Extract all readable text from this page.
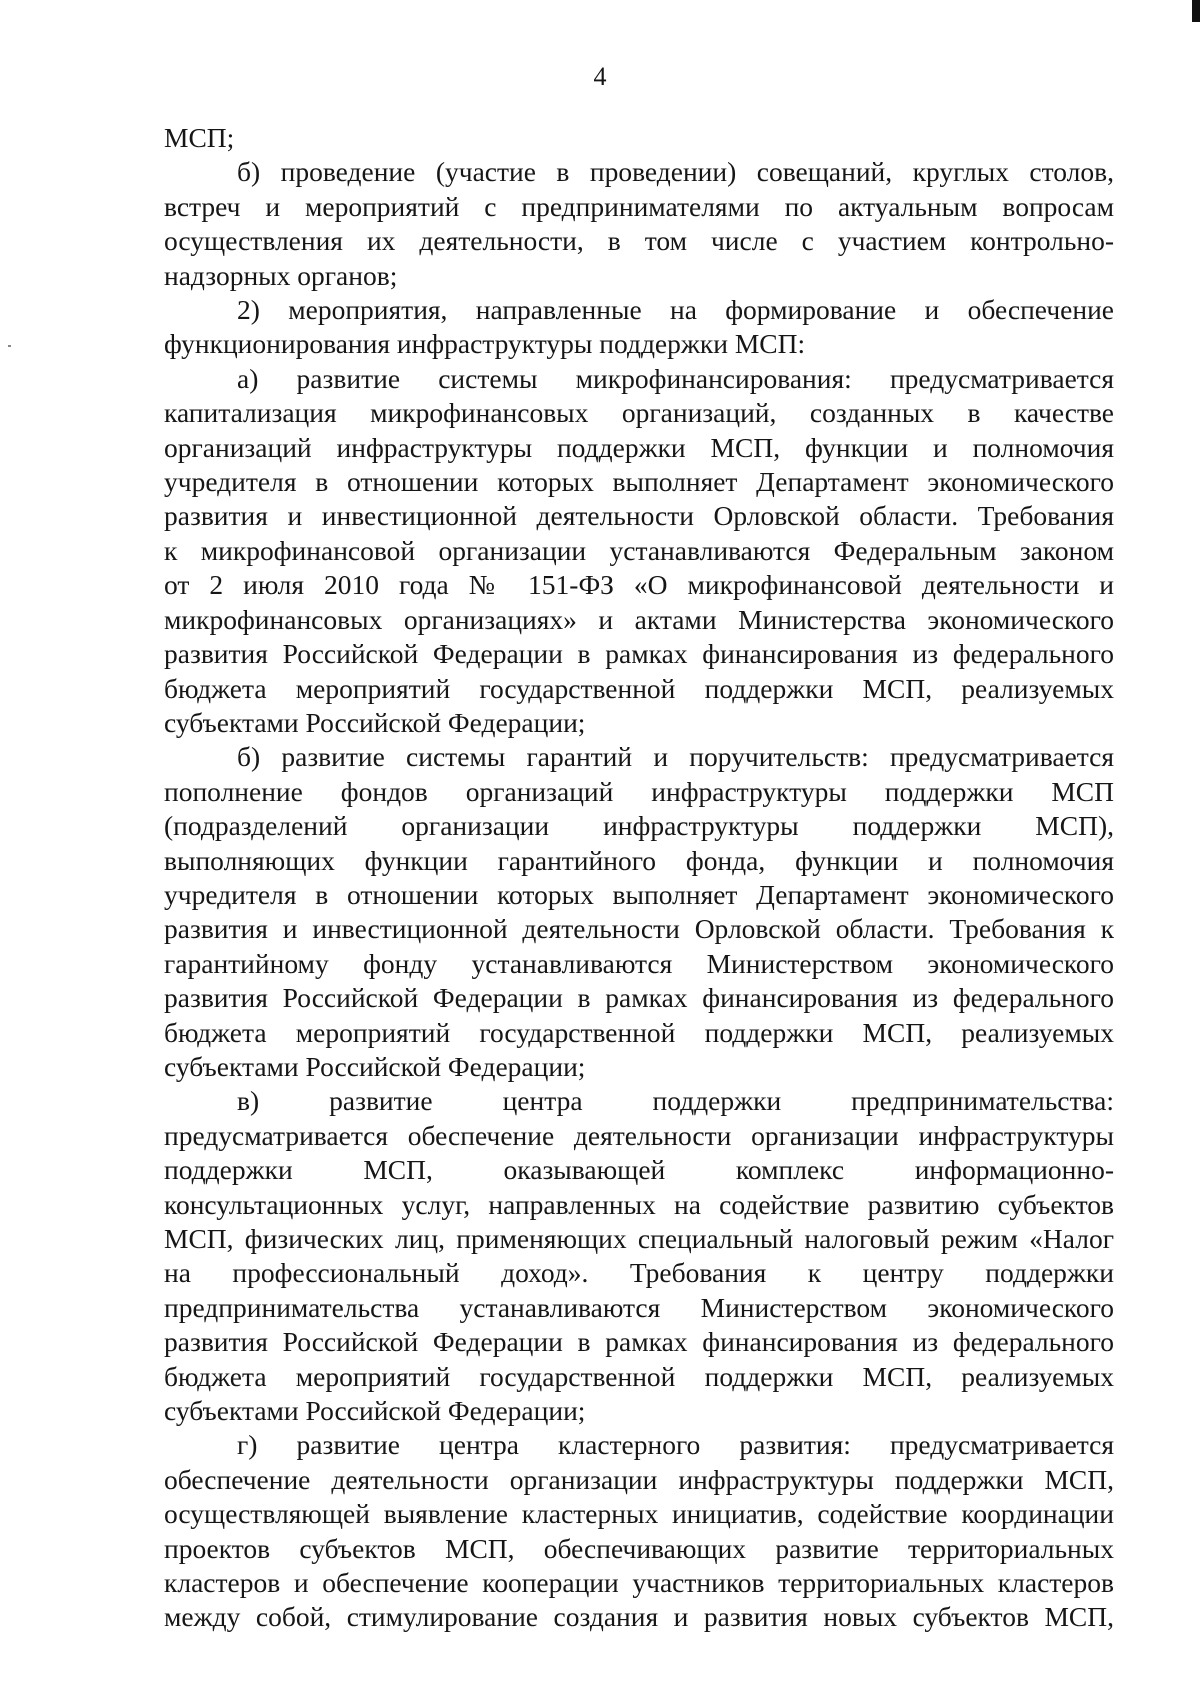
4
МСП;
б) проведение (участие в проведении) совещаний, круглых столов,
встреч и мероприятий с предпринимателями по актуальным вопросам
осуществления их деятельности, в том числе с участием контрольно-
надзорных органов;
2) мероприятия, направленные на формирование и обеспечение
функционирования инфраструктуры поддержки МСП:
а) развитие системы микрофинансирования: предусматривается
капитализация микрофинансовых организаций, созданных в качестве
организаций инфраструктуры поддержки МСП, функции и полномочия
учредителя в отношении которых выполняет Департамент экономического
развития и инвестиционной деятельности Орловской области. Требования
к микрофинансовой организации устанавливаются Федеральным законом
от 2 июля 2010 года № 151-ФЗ «О микрофинансовой деятельности и
микрофинансовых организациях» и актами Министерства экономического
развития Российской Федерации в рамках финансирования из федерального
бюджета мероприятий государственной поддержки МСП, реализуемых
субъектами Российской Федерации;
б) развитие системы гарантий и поручительств: предусматривается
пополнение фондов организаций инфраструктуры поддержки МСП
(подразделений организации инфраструктуры поддержки МСП),
выполняющих функции гарантийного фонда, функции и полномочия
учредителя в отношении которых выполняет Департамент экономического
развития и инвестиционной деятельности Орловской области. Требования к
гарантийному фонду устанавливаются Министерством экономического
развития Российской Федерации в рамках финансирования из федерального
бюджета мероприятий государственной поддержки МСП, реализуемых
субъектами Российской Федерации;
в) развитие центра поддержки предпринимательства:
предусматривается обеспечение деятельности организации инфраструктуры
поддержки МСП, оказывающей комплекс информационно-
консультационных услуг, направленных на содействие развитию субъектов
МСП, физических лиц, применяющих специальный налоговый режим «Налог
на профессиональный доход». Требования к центру поддержки
предпринимательства устанавливаются Министерством экономического
развития Российской Федерации в рамках финансирования из федерального
бюджета мероприятий государственной поддержки МСП, реализуемых
субъектами Российской Федерации;
г) развитие центра кластерного развития: предусматривается
обеспечение деятельности организации инфраструктуры поддержки МСП,
осуществляющей выявление кластерных инициатив, содействие координации
проектов субъектов МСП, обеспечивающих развитие территориальных
кластеров и обеспечение кооперации участников территориальных кластеров
между собой, стимулирование создания и развития новых субъектов МСП,
